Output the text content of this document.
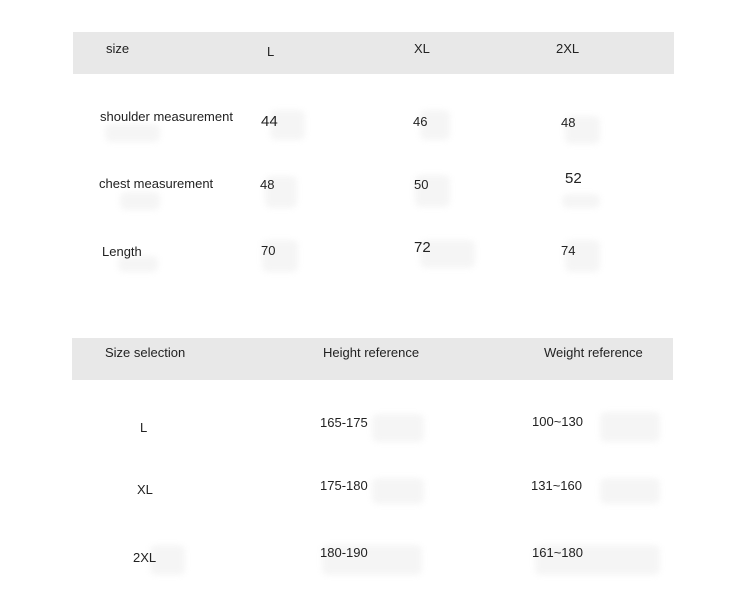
size	L	XL	2XL
shoulder measurement 44	46	48
chest measurement	48	50	52
Length	70	72	74
Size selection	Height reference	Weight reference
L	165-175	100~130
XL	175-180	131~160
2XL	180-190	161~180
